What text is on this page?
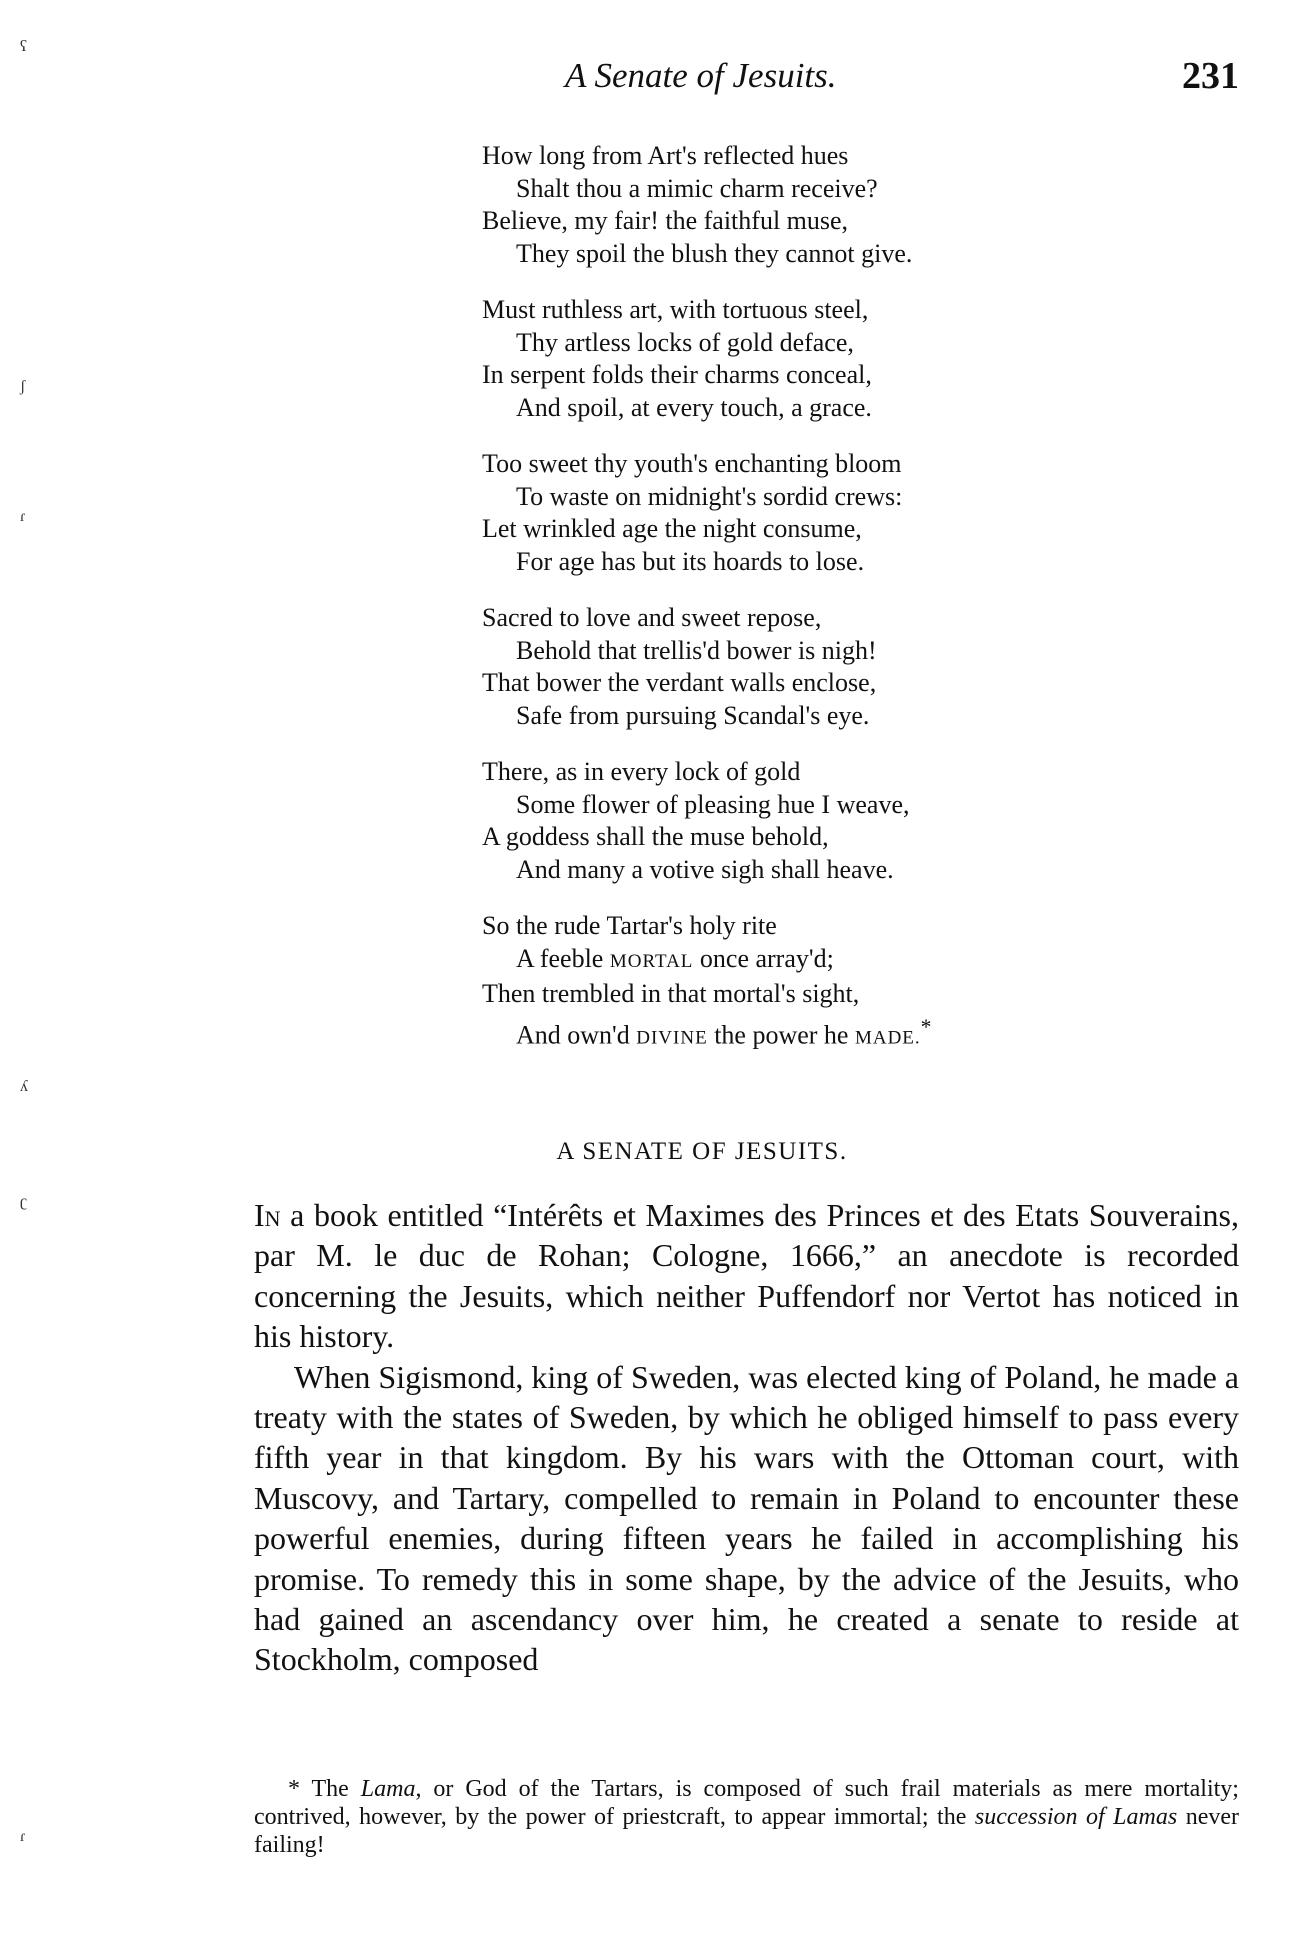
ʕ
ʃ
ɾ
ʎ
ʗ
ɾ
A Senatе of Jesuits.	231
How long from Art's reflected hues
Shalt thou a mimic charm receive?
Believe, my fair! the faithful muse,
They spoil the blush they cannot give.
Must ruthless art, with tortuous steel,
Thy artless locks of gold deface,
In serpent folds their charms conceal,
And spoil, at every touch, a grace.
Too sweet thy youth's enchanting bloom
To waste on midnight's sordid crews:
Let wrinkled age the night consume,
For age has but its hoards to lose.
Sacred to love and sweet repose,
Behold that trellis'd bower is nigh!
That bower the verdant walls enclose,
Safe from pursuing Scandal's eye.
There, as in every lock of gold
Some flower of pleasing hue I weave,
A goddess shall the muse behold,
And many a votive sigh shall heave.
So the rude Tartar's holy rite
A feeble MORTAL once array'd;
Then trembled in that mortal's sight,
And own'd DIVINE the power he MADE.*
A SENATE OF JESUITS.

In a book entitled “Intérêts et Maximes des Princes et des Etats Souverains, par M. le duc de Rohan; Cologne, 1666,” an anecdote is recorded concerning the Jesuits, which neither Puffendorf nor Vertot has noticed in his history.

When Sigismond, king of Sweden, was elected king of Poland, he made a treaty with the states of Sweden, by which he obliged himself to pass every fifth year in that kingdom. By his wars with the Ottoman court, with Muscovy, and Tartary, compelled to remain in Poland to encounter these powerful enemies, during fifteen years he failed in accomplishing his promise. To remedy this in some shape, by the advice of the Jesuits, who had gained an ascendancy over him, he created a senate to reside at Stockholm, composed

* The Lama, or God of the Tartars, is composed of such frail materials as mere mortality; contrived, however, by the power of priestcraft, to appear immortal; the succession of Lamas never failing!
